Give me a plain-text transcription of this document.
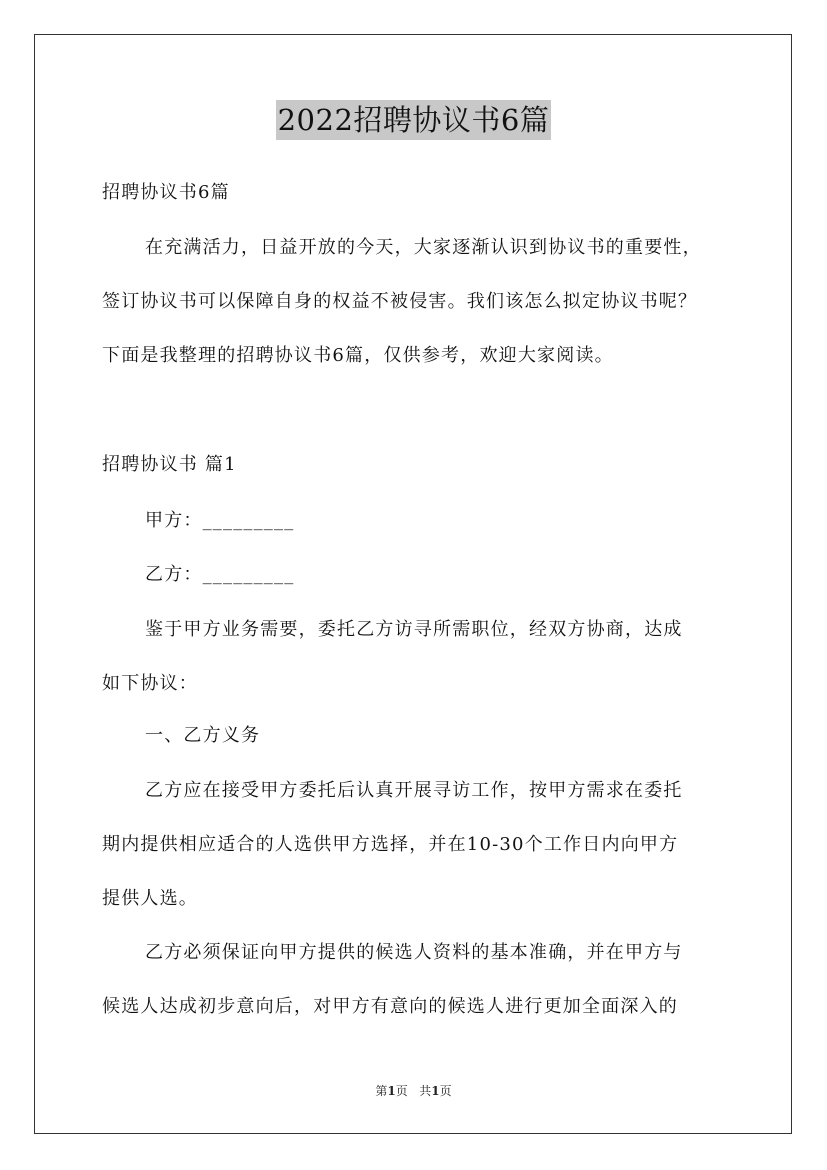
2022招聘协议书6篇
招聘协议书6篇
在充满活力，日益开放的今天，大家逐渐认识到协议书的重要性，
签订协议书可以保障自身的权益不被侵害。我们该怎么拟定协议书呢？
下面是我整理的招聘协议书6篇，仅供参考，欢迎大家阅读。
招聘协议书 篇1
甲方：_________
乙方：_________
鉴于甲方业务需要，委托乙方访寻所需职位，经双方协商，达成
如下协议：
一、乙方义务
乙方应在接受甲方委托后认真开展寻访工作，按甲方需求在委托
期内提供相应适合的人选供甲方选择，并在10-30个工作日内向甲方
提供人选。
乙方必须保证向甲方提供的候选人资料的基本准确，并在甲方与
候选人达成初步意向后，对甲方有意向的候选人进行更加全面深入的
第1页 共1页
